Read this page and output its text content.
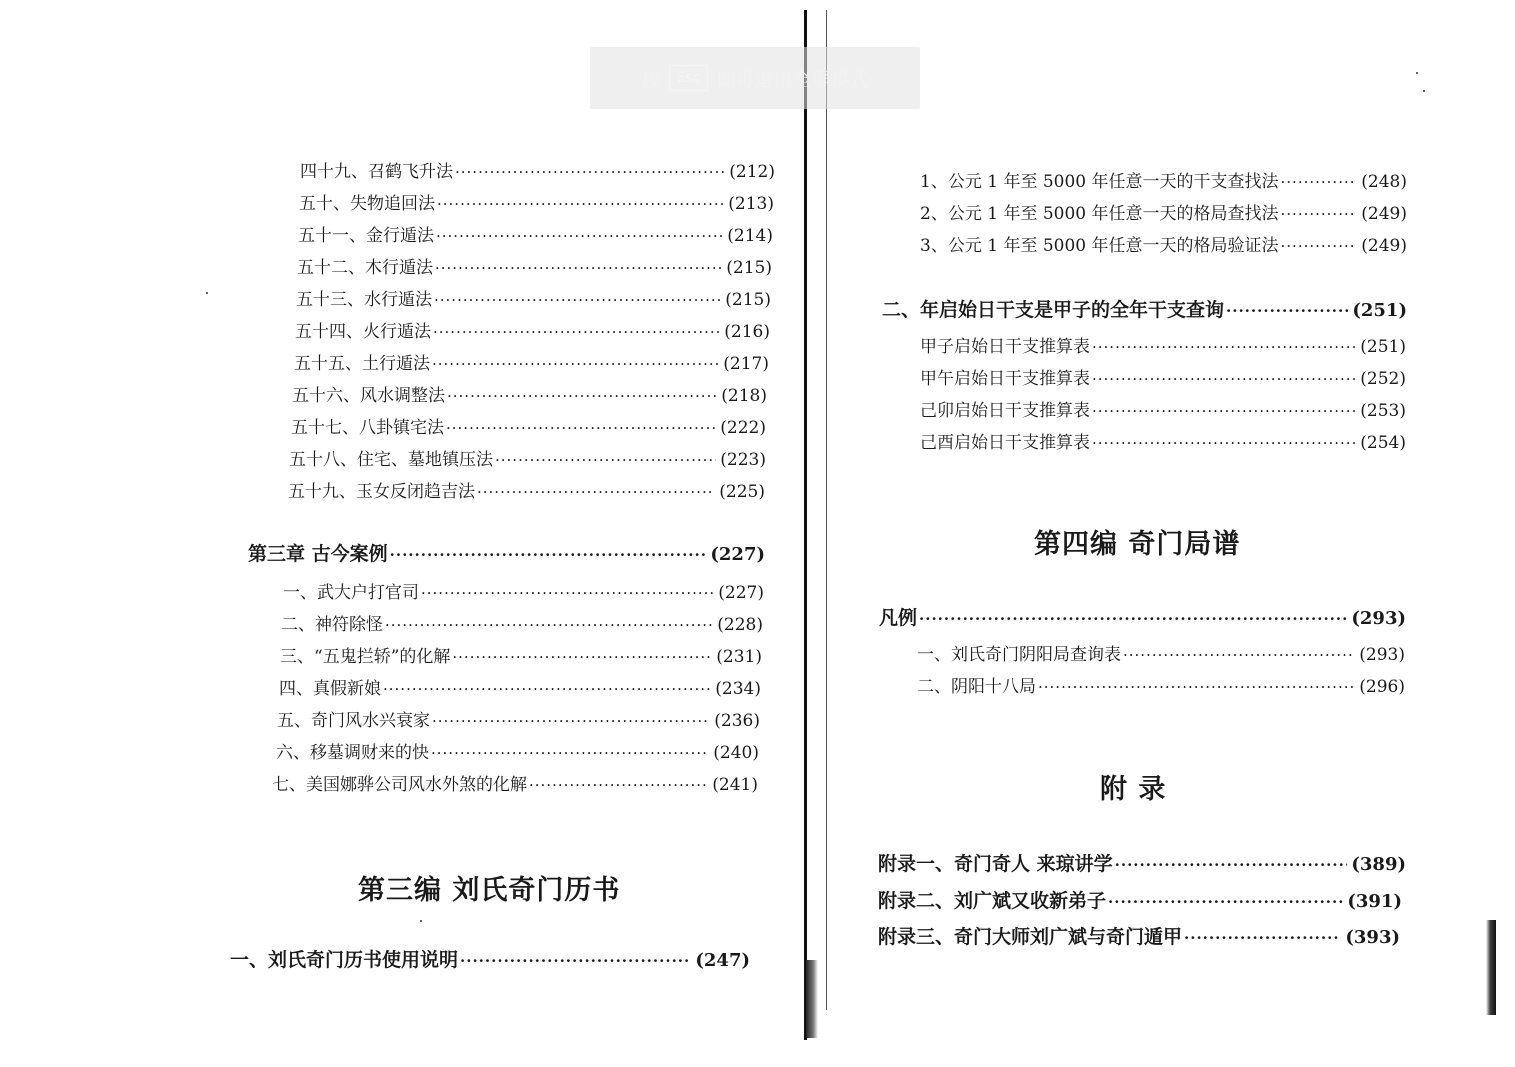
按	Esc 即可退出全屏模式
四十九、召鹤飞升法 ·····	(212)
五十、失物追回法 ·····	(213)
五十一、金行遁法 ·····	(214)
五十二、木行遁法 ·····	(215)
五十三、水行遁法 ·····	(215)
五十四、火行遁法 ·····	(216)
五十五、土行遁法 ·····	(217)
五十六、风水调整法 ·····	(218)
五十七、八卦镇宅法 ·····	(222)
五十八、住宅、墓地镇压法 ·····	(223)
五十九、玉女反闭趋吉法 ·····	(225)
第三章 古今案例 ·····	(227)
一、武大户打官司 ·····	(227)
二、神符除怪 ·····	(228)
三、“五鬼拦轿”的化解 ·····	(231)
四、真假新娘 ·····	(234)
五、奇门风水兴衰家 ·····	(236)
六、移墓调财来的快 ·····	(240)
七、美国娜骅公司风水外煞的化解 ·····	(241)
第三编 刘氏奇门历书
一、刘氏奇门历书使用说明 ·····	(247)
1、公元 1 年至 5000 年任意一天的干支查找法 ·····	(248)
2、公元 1 年至 5000 年任意一天的格局查找法 ·····	(249)
3、公元 1 年至 5000 年任意一天的格局验证法 ·····	(249)
二、年启始日干支是甲子的全年干支查询 ·····	(251)
甲子启始日干支推算表 ·····	(251)
甲午启始日干支推算表 ·····	(252)
己卯启始日干支推算表 ·····	(253)
己酉启始日干支推算表 ·····	(254)
第四编 奇门局谱
凡例 ·····	(293)
一、刘氏奇门阴阳局查询表 ·····	(293)
二、阴阳十八局 ·····	(296)
附 录
附录一、奇门奇人 来琼讲学 ·····	(389)
附录二、刘广斌又收新弟子 ·····	(391)
附录三、奇门大师刘广斌与奇门遁甲 ·····	(393)
